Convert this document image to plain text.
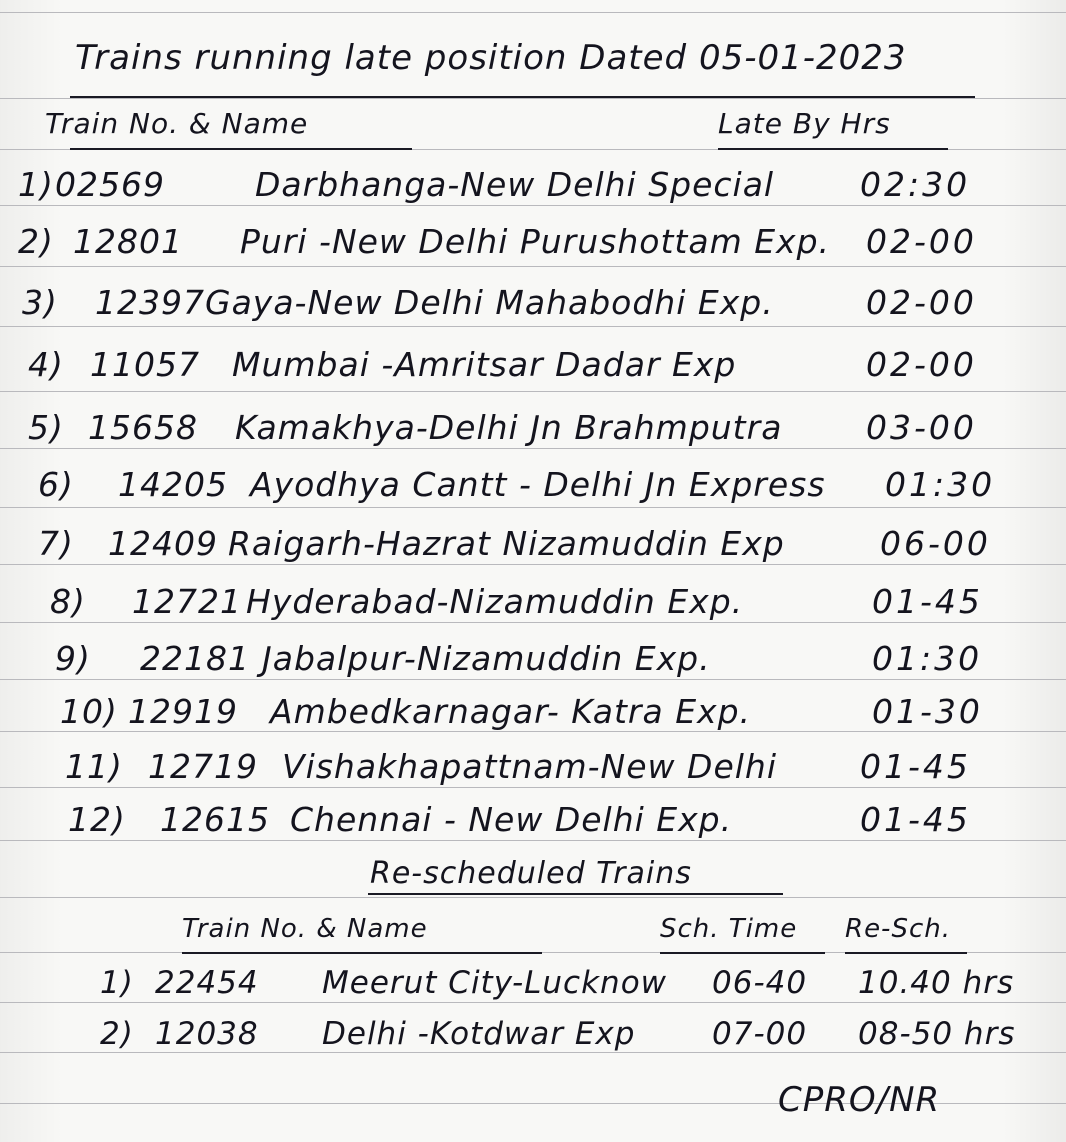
Trains running late position Dated 05-01-2023
Train No. & Name	Late By Hrs
1) 02569	Darbhanga-New Delhi Special	02:30
2) 12801 Puri -New Delhi Purushottam Exp. 02-00
3) 12397 Gaya-New Delhi Mahabodhi Exp.	02-00
4) 11057 Mumbai -Amritsar Dadar Exp	02-00
5) 15658 Kamakhya-Delhi Jn Brahmputra	03-00
6) 14205 Ayodhya Cantt - Delhi Jn Express 01:30
7) 12409 Raigarh-Hazrat Nizamuddin Exp	06-00
8) 12721 Hyderabad-Nizamuddin Exp.	01-45
9) 22181 Jabalpur-Nizamuddin Exp.	01:30
10) 12919 Ambedkarnagar- Katra Exp.	01-30
11) 12719 Vishakhapattnam-New Delhi	01-45
12) 12615 Chennai - New Delhi Exp.	01-45
Re-scheduled Trains
Train No. & Name	Sch. Time Re-Sch.
1) 22454 Meerut City-Lucknow 06-40 10.40 hrs
2) 12038 Delhi -Kotdwar Exp 07-00 08-50 hrs
CPRO/NR
